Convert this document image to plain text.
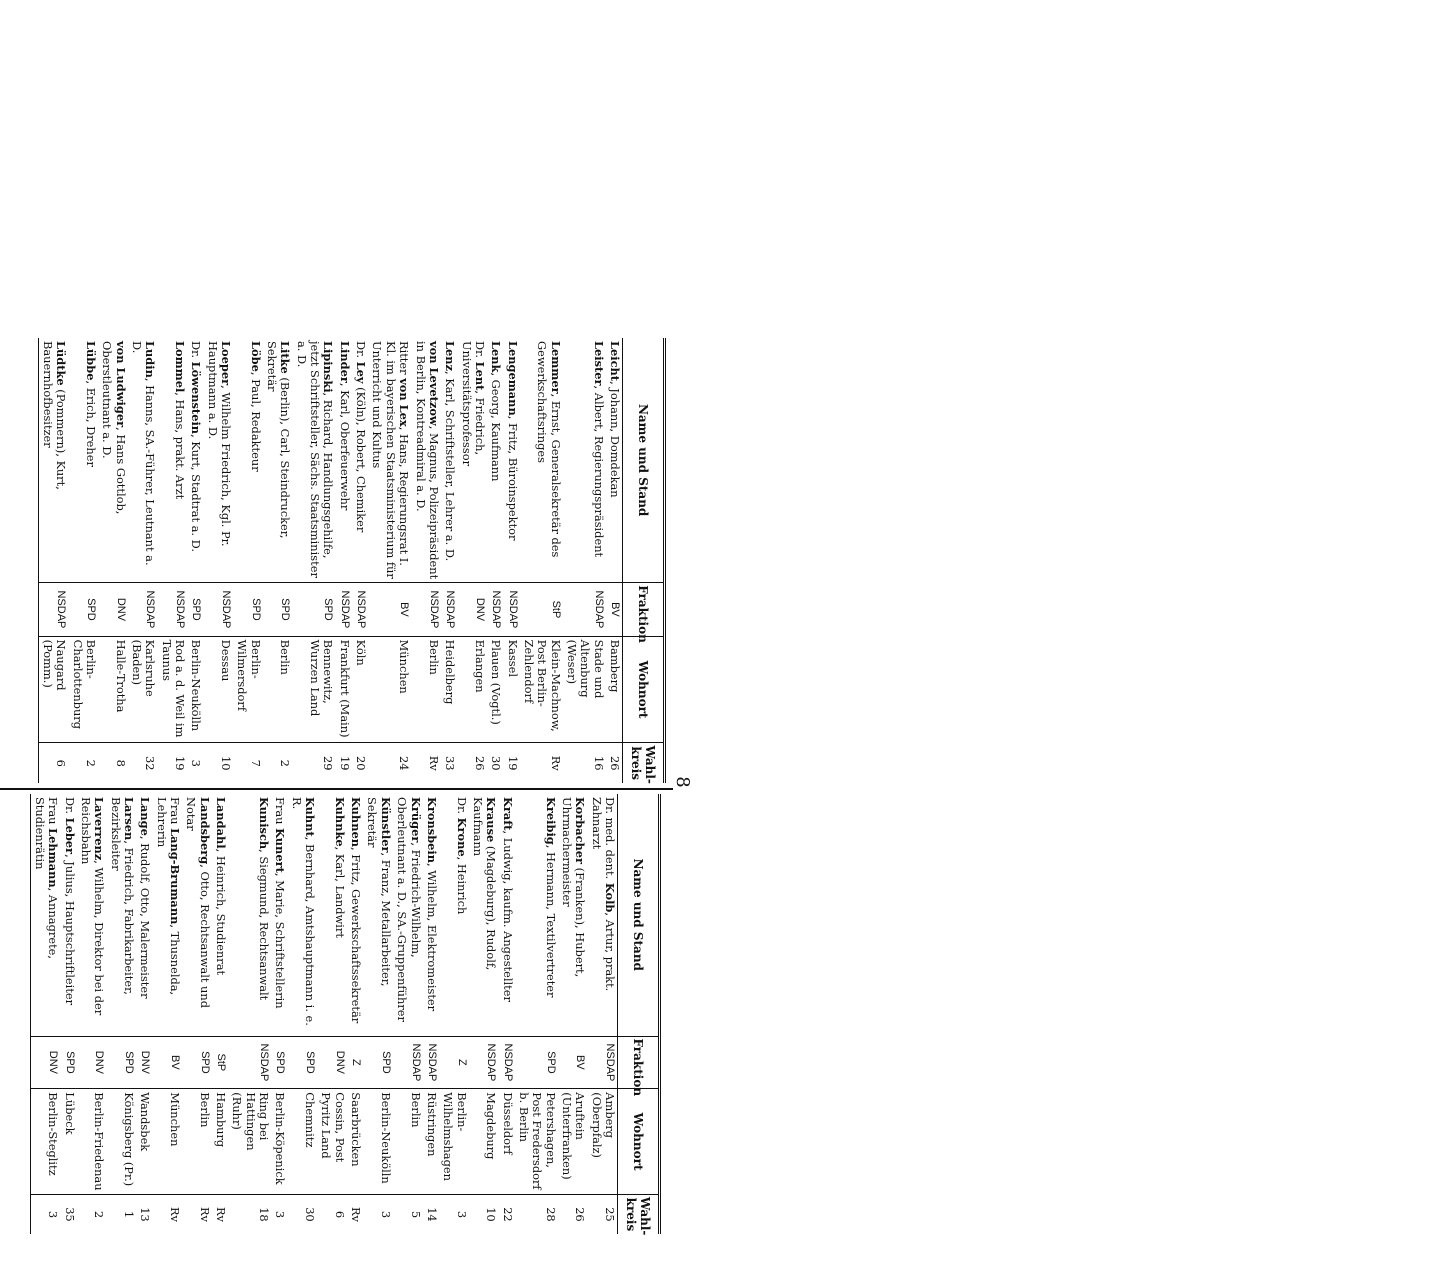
8
Name und Stand	Fraktion	Wohnort	Wahl-kreis
Dr. med. dent. Kolb, Artur, prakt. Zahnarzt	NSDAP	Amberg (Oberpfalz)	25
Korbacher (Franken), Hubert, Uhrmachermeister	BV	Aruftein (Unterfranken)	26
Kreibig, Hermann, Textilvertreter	SPD	Petershagen, Post Fredersdorf b. Berlin	28
Kraft, Ludwig, kaufm. Angestellter	NSDAP	Düsseldorf	22
Krause (Magdeburg), Rudolf, Kaufmann	NSDAP	Magdeburg	10
Dr. Krone, Heinrich	Z	Berlin-Wilhelmshagen	3
Kronsbein, Wilhelm, Elektromeister	NSDAP	Rüstringen	14
Krüger, Friedrich-Wilhelm, Oberleutnant a. D., SA.-Gruppenführer	NSDAP	Berlin	5
Künstler, Franz, Metallarbeiter, Sekretär	SPD	Berlin-Neukölln	3
Kuhnen, Fritz, Gewerkschaftssekretär	Z	Saarbrücken	Rv
Kuhnke, Karl, Landwirt	DNV	Cossin, Post Pyritz Land	6
Kuhnt, Bernhard, Amtshauptmann i. e. R.	SPD	Chemnitz	30
Frau Kunert, Marie, Schriftstellerin	SPD	Berlin-Köpenick	3
Kunisch, Siegmund, Rechtsanwalt	NSDAP	Ring bei Hattingen (Ruhr)	18
Landahl, Heinrich, Studienrat	StP	Hamburg	Rv
Landsberg, Otto, Rechtsanwalt und Notar	SPD	Berlin	Rv
Frau Lang-Brumann, Thusnelda, Lehrerin	BV	München	Rv
Lange, Rudolf, Otto, Malermeister	DNV	Wandsbek	13
Larsen, Friedrich, Fabrikarbeiter, Bezirksleiter	SPD	Königsberg (Pr.)	1
Laverrenz, Wilhelm, Direktor bei der Reichsbahn	DNV	Berlin-Friedenau	2
Dr. Leber, Julius, Hauptschriftleiter	SPD	Lübeck	35
Frau Lehmann, Annagrete, Studienrätin	DNV	Berlin-Steglitz	3
Name und Stand	Fraktion	Wohnort	Wahl-kreis
Leicht, Johann, Domdekan	BV	Bamberg	26
Leister, Albert, Regierungspräsident	NSDAP	Stade und Altenburg (Weser)	16
Lemmer, Ernst, Generalsekretär des Gewerkschaftsringes	StP	Klein-Machnow, Post Berlin-Zehlendorf	Rv
Lengemann, Fritz, Büroinspektor	NSDAP	Kassel	19
Lenk, Georg, Kaufmann	NSDAP	Plauen (Vogtl.)	30
Dr. Lent, Friedrich, Universitätsprofessor	DNV	Erlangen	26
Lenz, Karl, Schriftsteller, Lehrer a. D.	NSDAP	Heidelberg	33
von Levetzow, Magnus, Polizeipräsident in Berlin, Kontreadmiral a. D.	NSDAP	Berlin	Rv
Ritter von Lex, Hans, Regierungsrat I. Kl. im bayerischen Staatsministerium für Unterricht und Kultus	BV	München	24
Dr. Ley (Köln), Robert, Chemiker	NSDAP	Köln	20
Linder, Karl, Oberfeuerwehr	NSDAP	Frankfurt (Main)	19
Lipinski, Richard, Handlungsgehilfe, jetzt Schriftsteller, Sächs. Staatsminister a. D.	SPD	Bennewitz, Wurzen Land	29
Litke (Berlin), Carl, Steindrucker, Sekretär	SPD	Berlin	2
Löbe, Paul, Redakteur	SPD	Berlin-Wilmersdorf	7
Loeper, Wilhelm Friedrich, Kgl. Pr. Hauptmann a. D.	NSDAP	Dessau	10
Dr. Löwenstein, Kurt, Stadtrat a. D.	SPD	Berlin-Neukölln	3
Lommel, Hans, prakt. Arzt	NSDAP	Rod a. d. Weil im Taunus	19
Ludin, Hanns, SA.-Führer, Leutnant a. D.	NSDAP	Karlsruhe (Baden)	32
von Ludwiger, Hans Gottlob, Oberstleutnant a. D.	DNV	Halle-Trotha	8
Lübbe, Erich, Dreher	SPD	Berlin-Charlottenburg	2
Lüdtke (Pommern), Kurt, Bauernhofbesitzer	NSDAP	Naugard (Pomm.)	6
